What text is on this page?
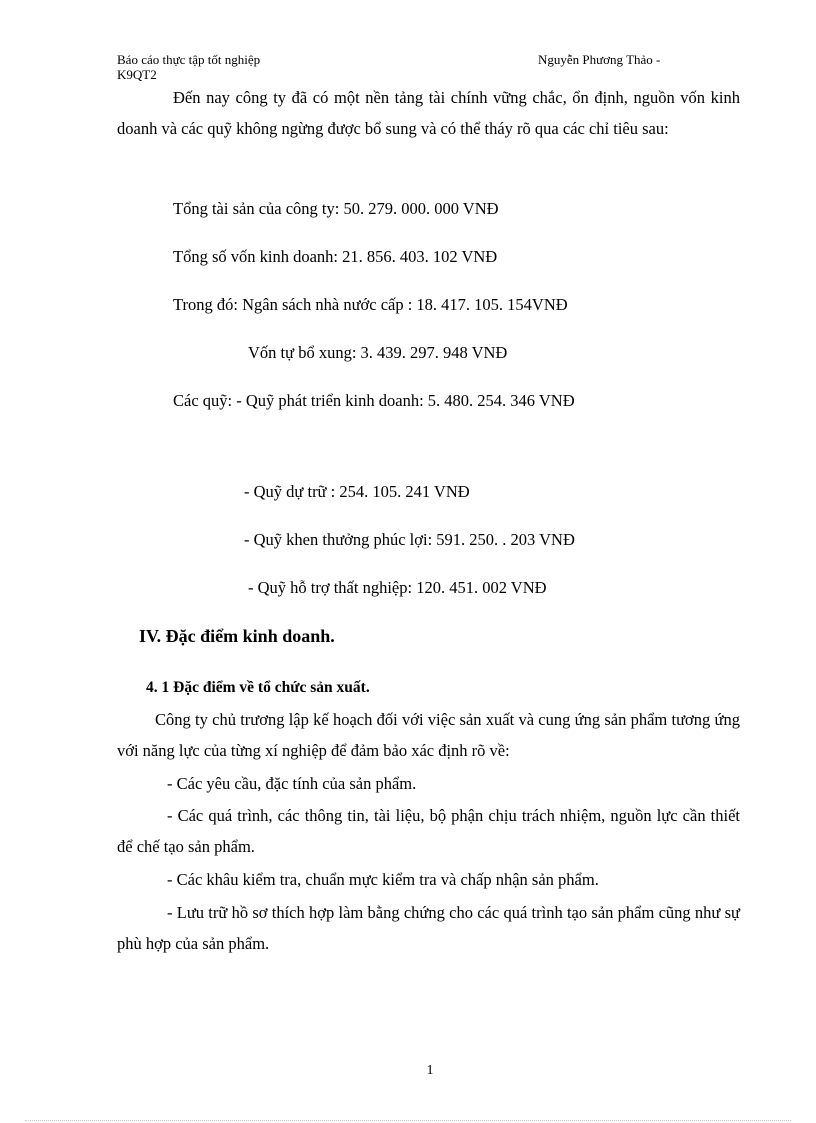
Báo cáo thực tập tốt nghiệp
K9QT2
Nguyễn Phương Thảo -
Đến nay công ty đã có một nền tảng tài chính vững chắc, ổn định, nguồn vốn kinh doanh và các quỹ không ngừng được bổ sung và có thể tháy rõ qua các chỉ tiêu sau:
Tổng tài sản của công ty: 50. 279. 000. 000 VNĐ
Tổng số vốn kinh doanh: 21. 856. 403. 102 VNĐ
Trong đó: Ngân sách nhà nước cấp : 18. 417. 105. 154VNĐ
Vốn tự bổ xung: 3. 439. 297. 948 VNĐ
Các quỹ: - Quỹ phát triển kinh doanh: 5. 480. 254. 346 VNĐ
- Quỹ dự trữ : 254. 105. 241 VNĐ
- Quỹ khen thưởng phúc lợi: 591. 250. . 203 VNĐ
- Quỹ hỗ trợ thất nghiệp: 120. 451. 002 VNĐ
IV. Đặc điểm kinh doanh.
4. 1 Đặc điểm về tổ chức sản xuất.
Công ty chủ trương lập kế hoạch đối với việc sản xuất và cung ứng sản phẩm tương ứng với năng lực của từng xí nghiệp để đảm bảo xác định rõ về:
- Các yêu cầu, đặc tính của sản phẩm.
- Các quá trình, các thông tin, tài liệu, bộ phận chịu trách nhiệm, nguồn lực cần thiết để chế tạo sản phẩm.
- Các khâu kiểm tra, chuẩn mực kiểm tra và chấp nhận sản phẩm.
- Lưu trữ hồ sơ thích hợp làm bằng chứng cho các quá trình tạo sản phẩm cũng như sự phù hợp của sản phẩm.
1
